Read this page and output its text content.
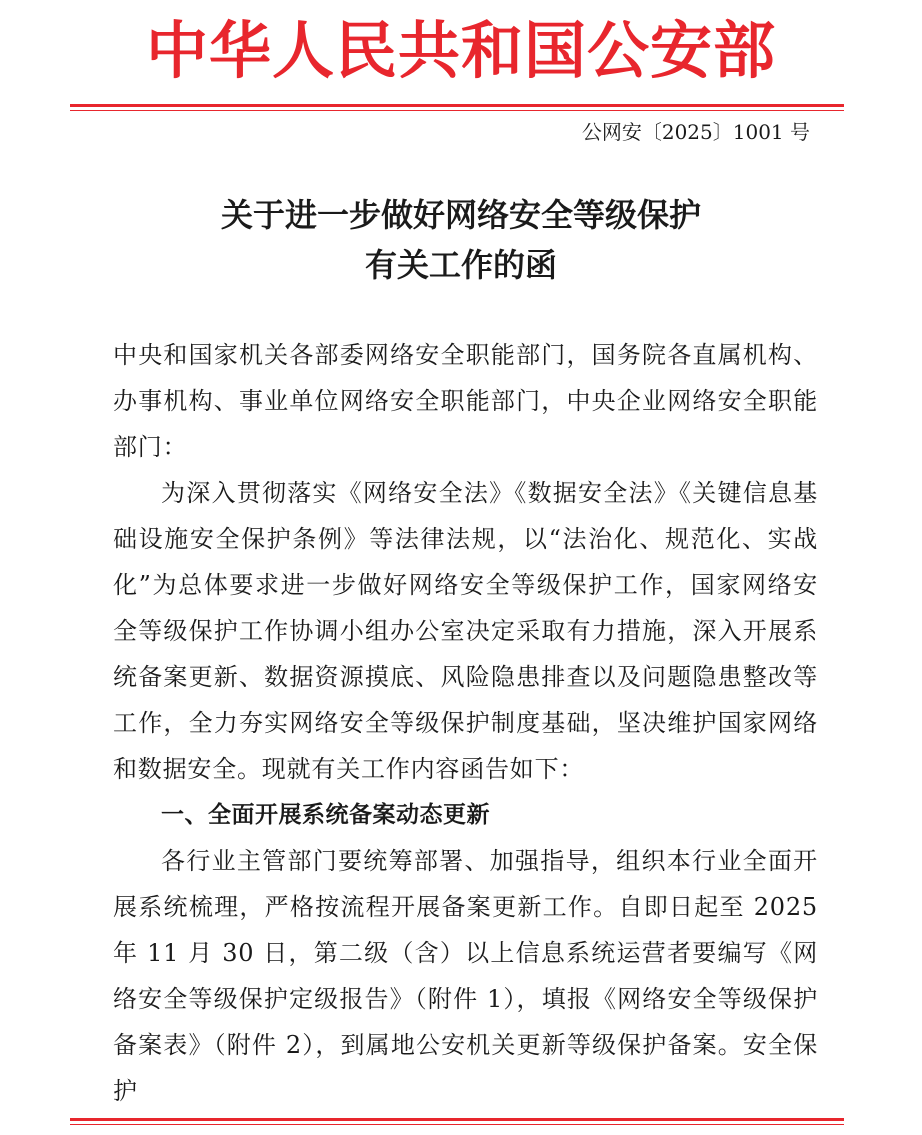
中华人民共和国公安部
公网安〔2025〕1001 号
关于进一步做好网络安全等级保护
有关工作的函
中央和国家机关各部委网络安全职能部门，国务院各直属机构、办事机构、事业单位网络安全职能部门，中央企业网络安全职能部门：
为深入贯彻落实《网络安全法》《数据安全法》《关键信息基础设施安全保护条例》等法律法规，以“法治化、规范化、实战化”为总体要求进一步做好网络安全等级保护工作，国家网络安全等级保护工作协调小组办公室决定采取有力措施，深入开展系统备案更新、数据资源摸底、风险隐患排查以及问题隐患整改等工作，全力夯实网络安全等级保护制度基础，坚决维护国家网络和数据安全。现就有关工作内容函告如下：
一、全面开展系统备案动态更新
各行业主管部门要统筹部署、加强指导，组织本行业全面开展系统梳理，严格按流程开展备案更新工作。自即日起至 2025 年 11 月 30 日，第二级（含）以上信息系统运营者要编写《网络安全等级保护定级报告》（附件 1），填报《网络安全等级保护备案表》（附件 2），到属地公安机关更新等级保护备案。安全保护
